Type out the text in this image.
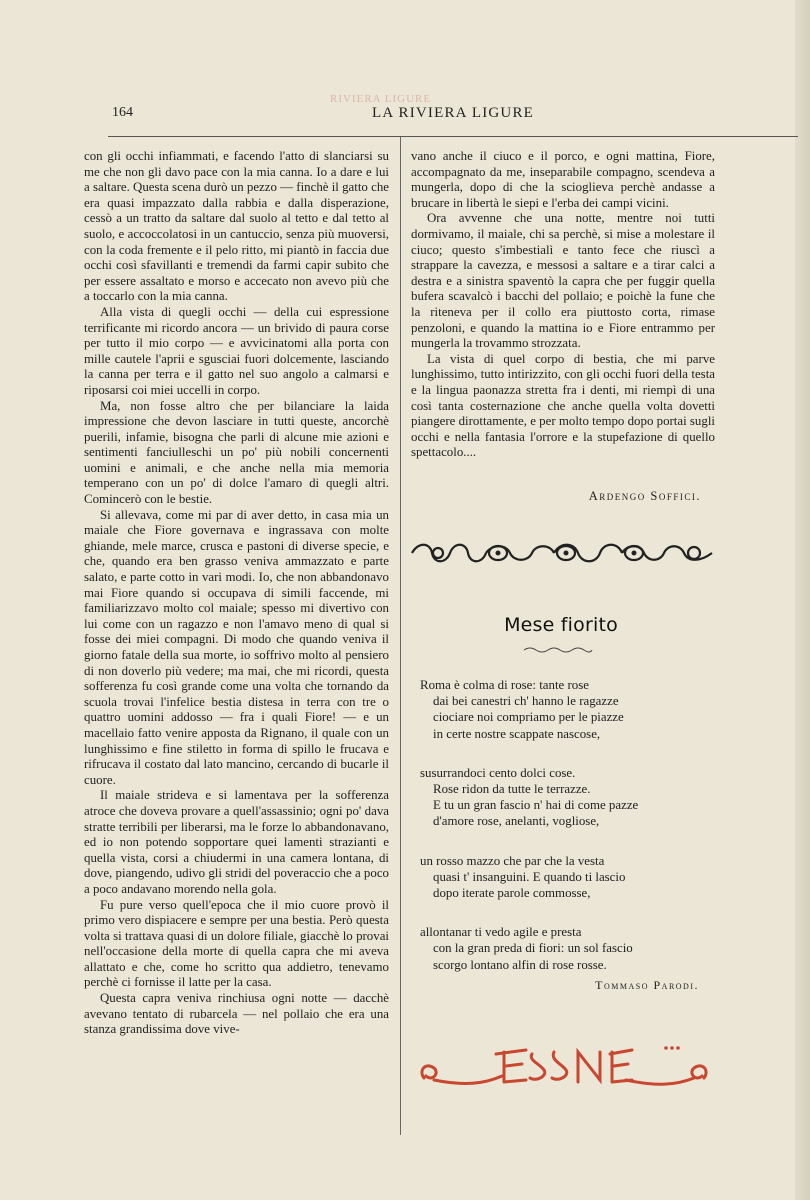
RIVIERA LIGURE
164	LA RIVIERA LIGURE

con gli occhi infiammati, e facendo l'atto di slanciarsi su me che non gli davo pace con la mia canna. Io a dare e lui a saltare. Questa scena durò un pezzo — finchè il gatto che era quasi impazzato dalla rabbia e dalla disperazione, cessò a un tratto da saltare dal suolo al tetto e dal tetto al suolo, e accoccolatosi in un cantuccio, senza più muoversi, con la coda fremente e il pelo ritto, mi piantò in faccia due occhi così sfavillanti e tremendi da farmi capir subito che per essere assaltato e morso e accecato non avevo più che a toccarlo con la mia canna.

Alla vista di quegli occhi — della cui espressione terrificante mi ricordo ancora — un brivido di paura corse per tutto il mio corpo — e avvicinatomi alla porta con mille cautele l'aprii e sgusciai fuori dolcemente, lasciando la canna per terra e il gatto nel suo angolo a calmarsi e riposarsi coi miei uccelli in corpo.

Ma, non fosse altro che per bilanciare la laida impressione che devon lasciare in tutti queste, ancorchè puerili, infamie, bisogna che parli di alcune mie azioni e sentimenti fanciulleschi un po' più nobili concernenti uomini e animali, e che anche nella mia memoria temperano con un po' di dolce l'amaro di quegli altri. Comincerò con le bestie.

Si allevava, come mi par di aver detto, in casa mia un maiale che Fiore governava e ingrassava con molte ghiande, mele marce, crusca e pastoni di diverse specie, e che, quando era ben grasso veniva ammazzato e parte salato, e parte cotto in vari modi. Io, che non abbandonavo mai Fiore quando si occupava di simili faccende, mi familiarizzavo molto col maiale; spesso mi divertivo con lui come con un ragazzo e non l'amavo meno di qual si fosse dei miei compagni. Di modo che quando veniva il giorno fatale della sua morte, io soffrivo molto al pensiero di non doverlo più vedere; ma mai, che mi ricordi, questa sofferenza fu così grande come una volta che tornando da scuola trovai l'infelice bestia distesa in terra con tre o quattro uomini addosso — fra i quali Fiore! — e un macellaio fatto venire apposta da Rignano, il quale con un lunghissimo e fine stiletto in forma di spillo le frucava e rifrucava il costato dal lato mancino, cercando di bucarle il cuore.

Il maiale strideva e si lamentava per la sofferenza atroce che doveva provare a quell'assassinio; ogni po' dava stratte terribili per liberarsi, ma le forze lo abbandonavano, ed io non potendo sopportare quei lamenti strazianti e quella vista, corsi a chiudermi in una camera lontana, di dove, piangendo, udivo gli stridi del poveraccio che a poco a poco andavano morendo nella gola.

Fu pure verso quell'epoca che il mio cuore provò il primo vero dispiacere e sempre per una bestia. Però questa volta si trattava quasi di un dolore filiale, giacchè lo provai nell'occasione della morte di quella capra che mi aveva allattato e che, come ho scritto qua addietro, tenevamo perchè ci fornisse il latte per la casa.

Questa capra veniva rinchiusa ogni notte — dacchè avevano tentato di rubarcela — nel pollaio che era una stanza grandissima dove vive-

vano anche il ciuco e il porco, e ogni mattina, Fiore, accompagnato da me, inseparabile compagno, scendeva a mungerla, dopo di che la scioglieva perchè andasse a brucare in libertà le siepi e l'erba dei campi vicini.

Ora avvenne che una notte, mentre noi tutti dormivamo, il maiale, chi sa perchè, si mise a molestare il ciuco; questo s'imbestialì e tanto fece che riuscì a strappare la cavezza, e messosi a saltare e a tirar calci a destra e a sinistra spaventò la capra che per fuggir quella bufera scavalcò i bacchi del pollaio; e poichè la fune che la riteneva per il collo era piuttosto corta, rimase penzoloni, e quando la mattina io e Fiore entrammo per mungerla la trovammo strozzata.

La vista di quel corpo di bestia, che mi parve lunghissimo, tutto intirizzito, con gli occhi fuori della testa e la lingua paonazza stretta fra i denti, mi riempì di una così tanta costernazione che anche quella volta dovetti piangere dirottamente, e per molto tempo dopo portai sugli occhi e nella fantasia l'orrore e la stupefazione di quello spettacolo....

Ardengo Soffici.
Mese fiorito
Roma è colma di rose: tante rose
dai bei canestri ch' hanno le ragazze
ciociare noi compriamo per le piazze
in certe nostre scappate nascose,
susurrandoci cento dolci cose.
Rose ridon da tutte le terrazze.
E tu un gran fascio n' hai di come pazze
d'amore rose, anelanti, vogliose,
un rosso mazzo che par che la vesta
quasi t' insanguini. E quando ti lascio
dopo iterate parole commosse,
allontanar ti vedo agile e presta
con la gran preda di fiori: un sol fascio
scorgo lontano alfin di rose rosse.
Tommaso Parodi.
